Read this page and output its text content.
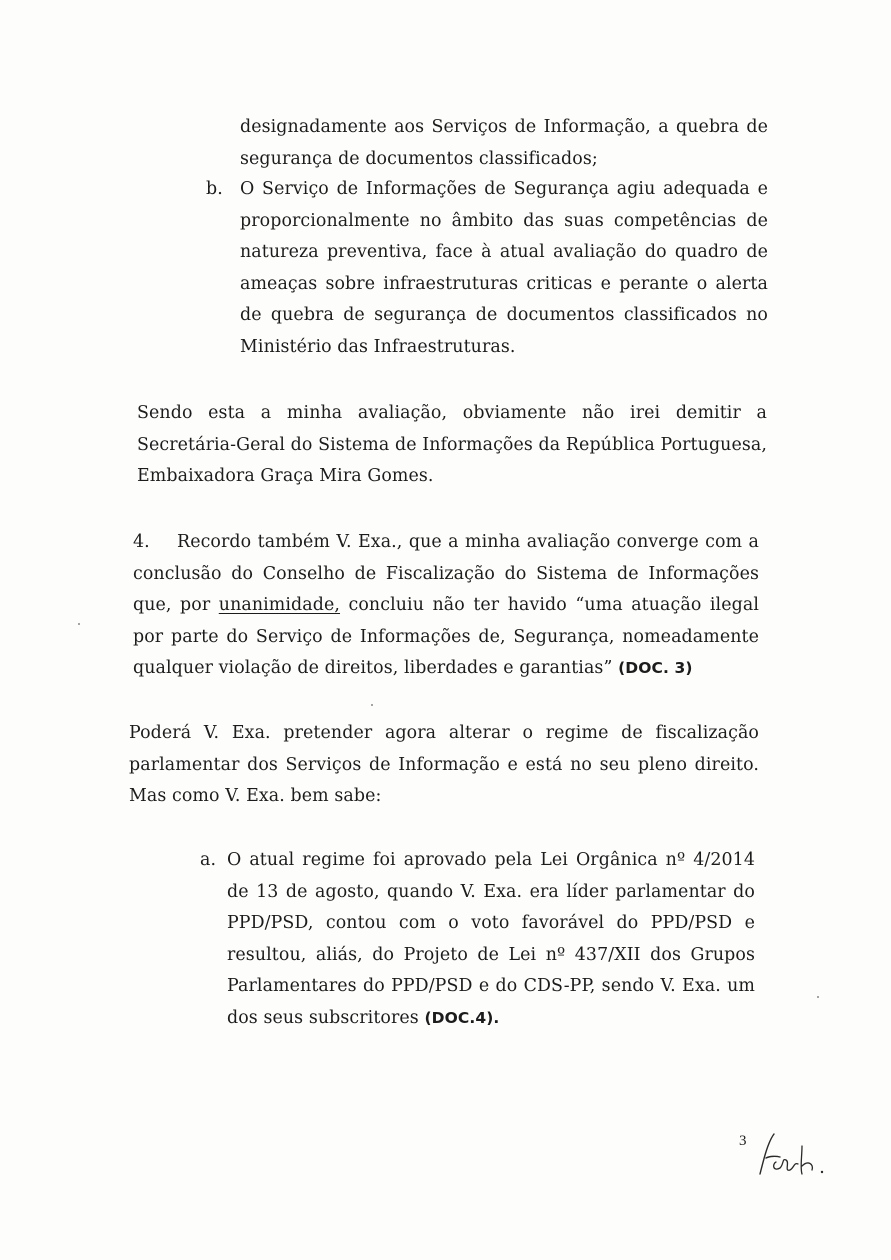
designadamente aos Serviços de Informação, a quebra de segurança de documentos classificados;

b. O Serviço de Informações de Segurança agiu adequada e proporcionalmente no âmbito das suas competências de natureza preventiva, face à atual avaliação do quadro de ameaças sobre infraestruturas criticas e perante o alerta de quebra de segurança de documentos classificados no Ministério das Infraestruturas.

Sendo esta a minha avaliação, obviamente não irei demitir a Secretária-Geral do Sistema de Informações da República Portuguesa, Embaixadora Graça Mira Gomes.

4. Recordo também V. Exa., que a minha avaliação converge com a conclusão do Conselho de Fiscalização do Sistema de Informações que, por unanimidade, concluiu não ter havido “uma atuação ilegal por parte do Serviço de Informações de, Segurança, nomeadamente qualquer violação de direitos, liberdades e garantias” (DOC. 3)

Poderá V. Exa. pretender agora alterar o regime de fiscalização parlamentar dos Serviços de Informação e está no seu pleno direito. Mas como V. Exa. bem sabe:

a. O atual regime foi aprovado pela Lei Orgânica nº 4/2014 de 13 de agosto, quando V. Exa. era líder parlamentar do PPD/PSD, contou com o voto favorável do PPD/PSD e resultou, aliás, do Projeto de Lei nº 437/XII dos Grupos Parlamentares do PPD/PSD e do CDS-PP, sendo V. Exa. um dos seus subscritores (DOC.4).

3
